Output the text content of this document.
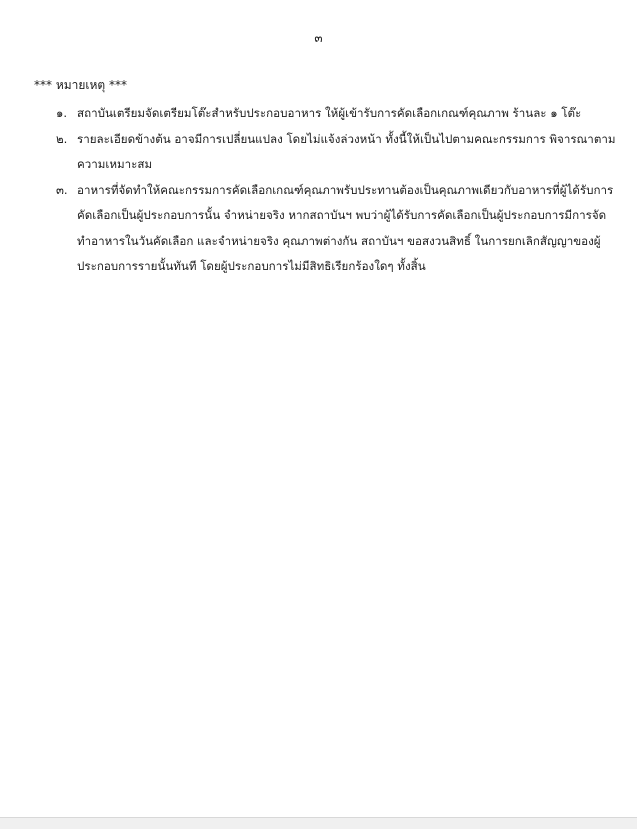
๓
*** หมายเหตุ ***
๑. สถาบันเตรียมจัดเตรียมโต๊ะสำหรับประกอบอาหาร ให้ผู้เข้ารับการคัดเลือกเกณฑ์คุณภาพ ร้านละ ๑ โต๊ะ
๒. รายละเอียดข้างต้น อาจมีการเปลี่ยนแปลง โดยไม่แจ้งล่วงหน้า ทั้งนี้ให้เป็นไปตามคณะกรรมการ พิจารณาตามความเหมาะสม
๓. อาหารที่จัดทำให้คณะกรรมการคัดเลือกเกณฑ์คุณภาพรับประทานต้องเป็นคุณภาพเดียวกับอาหารที่ผู้ได้รับการคัดเลือกเป็นผู้ประกอบการนั้น จำหน่ายจริง หากสถาบันฯ พบว่าผู้ได้รับการคัดเลือกเป็นผู้ประกอบการมีการจัดทำอาหารในวันคัดเลือก และจำหน่ายจริง คุณภาพต่างกัน สถาบันฯ ขอสงวนสิทธิ์ ในการยกเลิกสัญญาของผู้ประกอบการรายนั้นทันที โดยผู้ประกอบการไม่มีสิทธิเรียกร้องใดๆ ทั้งสิ้น
